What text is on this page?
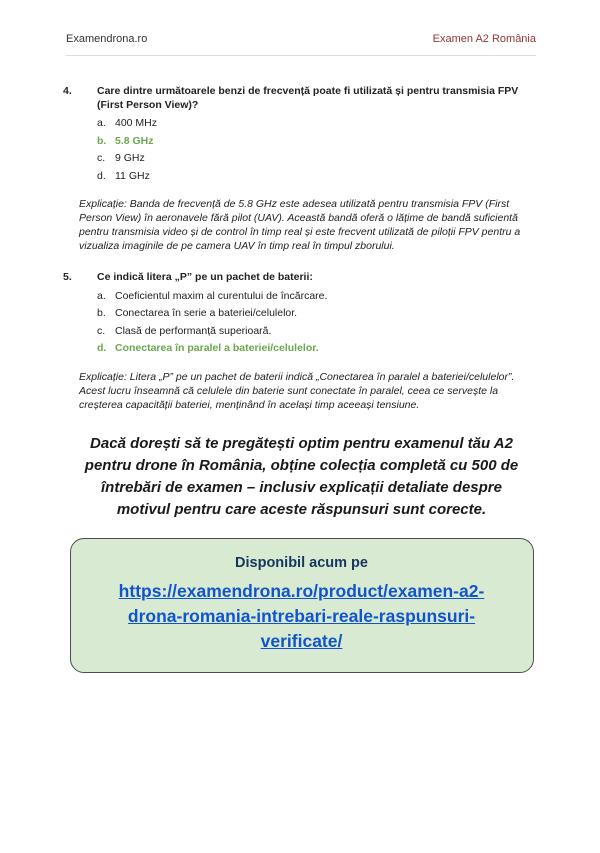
Examendrona.ro	Examen A2 România
4.	Care dintre următoarele benzi de frecvență poate fi utilizată și pentru transmisia FPV (First Person View)?
a. 400 MHz
b. 5.8 GHz
c. 9 GHz
d. 11 GHz

Explicație: Banda de frecvență de 5.8 GHz este adesea utilizată pentru transmisia FPV (First Person View) în aeronavele fără pilot (UAV). Această bandă oferă o lățime de bandă suficientă pentru transmisia video și de control în timp real și este frecvent utilizată de piloții FPV pentru a vizualiza imaginile de pe camera UAV în timp real în timpul zborului.

5.	Ce indică litera „P” pe un pachet de baterii:
a. Coeficientul maxim al curentului de încărcare.
b. Conectarea în serie a bateriei/celulelor.
c. Clasă de performanță superioară.
d. Conectarea în paralel a bateriei/celulelor.

Explicație: Litera „P” pe un pachet de baterii indică „Conectarea în paralel a bateriei/celulelor”. Acest lucru înseamnă că celulele din baterie sunt conectate în paralel, ceea ce servește la creșterea capacității bateriei, menținând în același timp aceeași tensiune.

Dacă dorești să te pregătești optim pentru examenul tău A2 pentru drone în România, obține colecția completă cu 500 de întrebări de examen – inclusiv explicații detaliate despre motivul pentru care aceste răspunsuri sunt corecte.

Disponibil acum pe
https://examendrona.ro/product/examen-a2-drona-romania-intrebari-reale-raspunsuri-verificate/
